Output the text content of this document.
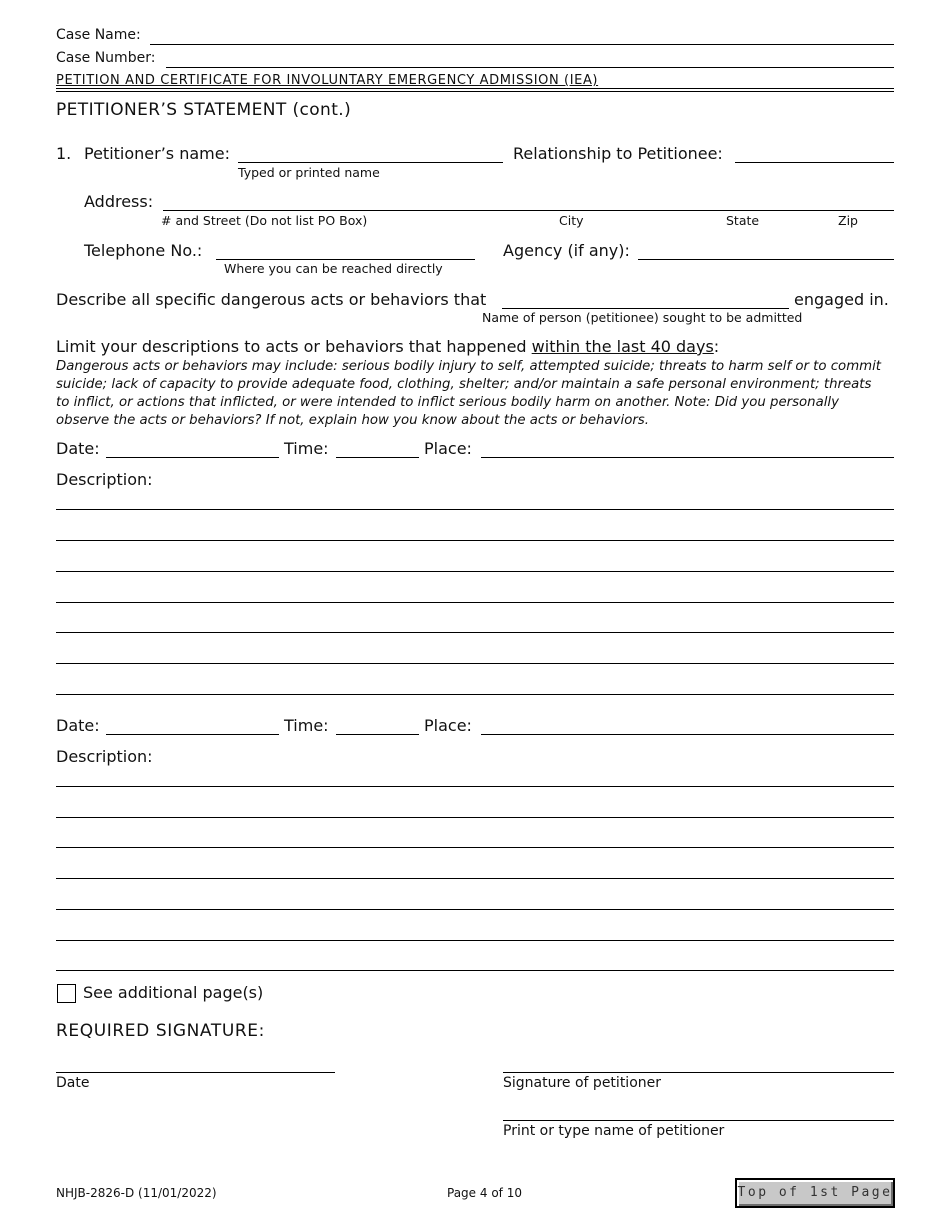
Case Name:
Case Number:
PETITION AND CERTIFICATE FOR INVOLUNTARY EMERGENCY ADMISSION (IEA)
PETITIONER’S STATEMENT (cont.)
1. Petitioner’s name:
Typed or printed name
Relationship to Petitionee:
Address:
# and Street (Do not list PO Box)	City	State	Zip
Telephone No.:
Where you can be reached directly
Agency (if any):
Describe all specific dangerous acts or behaviors that	engaged in.
Name of person (petitionee) sought to be admitted
Limit your descriptions to acts or behaviors that happened within the last 40 days:
Dangerous acts or behaviors may include: serious bodily injury to self, attempted suicide; threats to harm self or to commit
suicide; lack of capacity to provide adequate food, clothing, shelter; and/or maintain a safe personal environment; threats
to inflict, or actions that inflicted, or were intended to inflict serious bodily harm on another. Note: Did you personally
observe the acts or behaviors? If not, explain how you know about the acts or behaviors.
Date:	Time:	Place:
Description:
Date:	Time:	Place:
Description:
See additional page(s)
REQUIRED SIGNATURE:
Date	Signature of petitioner
Print or type name of petitioner
NHJB-2826-D (11/01/2022)	Page 4 of 10	Top of 1st Page
